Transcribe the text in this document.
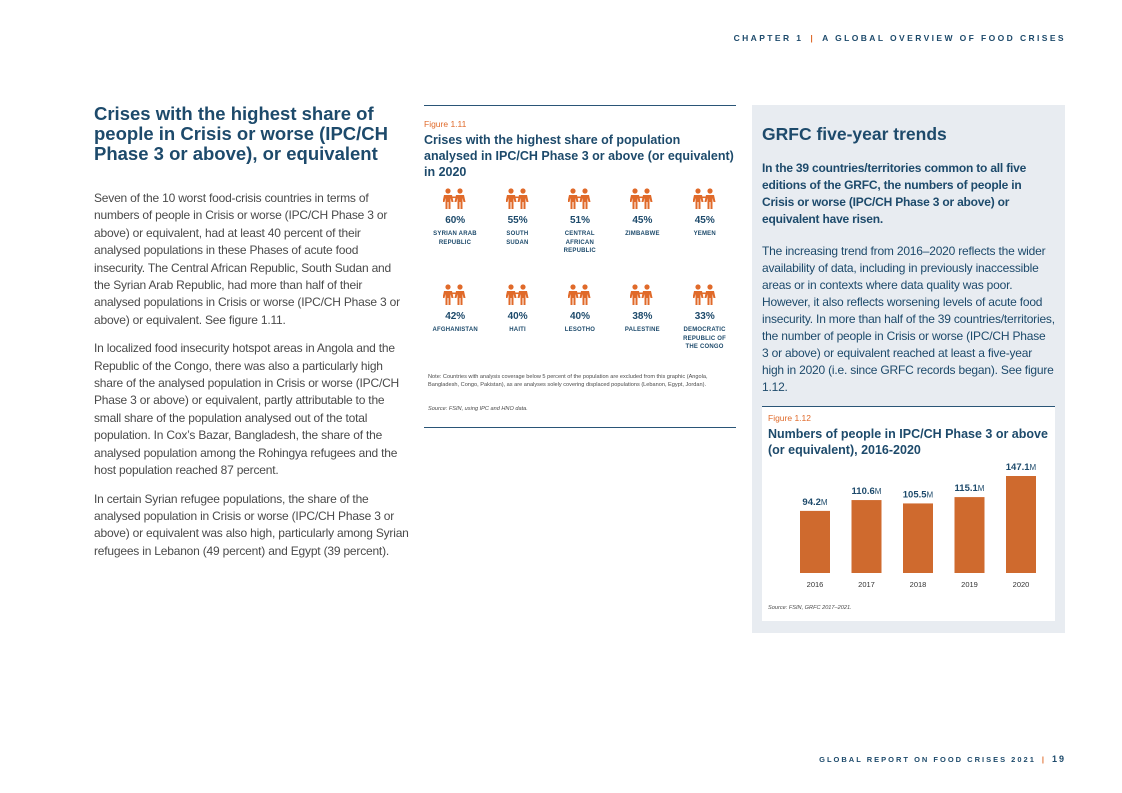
CHAPTER 1 | A GLOBAL OVERVIEW OF FOOD CRISES
Crises with the highest share of people in Crisis or worse (IPC/CH Phase 3 or above), or equivalent

Seven of the 10 worst food-crisis countries in terms of numbers of people in Crisis or worse (IPC/CH Phase 3 or above) or equivalent, had at least 40 percent of their analysed populations in these Phases of acute food insecurity. The Central African Republic, South Sudan and the Syrian Arab Republic, had more than half of their analysed populations in Crisis or worse (IPC/CH Phase 3 or above) or equivalent. See figure 1.11.

In localized food insecurity hotspot areas in Angola and the Republic of the Congo, there was also a particularly high share of the analysed population in Crisis or worse (IPC/CH Phase 3 or above) or equivalent, partly attributable to the small share of the population analysed out of the total population. In Cox’s Bazar, Bangladesh, the share of the analysed population among the Rohingya refugees and the host population reached 87 percent.

In certain Syrian refugee populations, the share of the analysed population in Crisis or worse (IPC/CH Phase 3 or above) or equivalent was also high, particularly among Syrian refugees in Lebanon (49 percent) and Egypt (39 percent).

Figure 1.11
Crises with the highest share of population analysed in IPC/CH Phase 3 or above (or equivalent) in 2020
60%
SYRIAN ARAB REPUBLIC
55%
SOUTH SUDAN
51%
CENTRAL AFRICAN REPUBLIC
45%
ZIMBABWE
45%
YEMEN
42%
AFGHANISTAN
40%
HAITI
40%
LESOTHO
38%
PALESTINE
33%
DEMOCRATIC REPUBLIC OF THE CONGO
Note: Countries with analysis coverage below 5 percent of the population are excluded from this graphic (Angola, Bangladesh, Congo, Pakistan), as are analyses solely covering displaced populations (Lebanon, Egypt, Jordan).
Source: FSIN, using IPC and HNO data.
GRFC five-year trends
In the 39 countries/territories common to all five editions of the GRFC, the numbers of people in Crisis or worse (IPC/CH Phase 3 or above) or equivalent have risen.
The increasing trend from 2016–2020 reflects the wider availability of data, including in previously inaccessible areas or in contexts where data quality was poor. However, it also reflects worsening levels of acute food insecurity. In more than half of the 39 countries/territories, the number of people in Crisis or worse (IPC/CH Phase 3 or above) or equivalent reached at least a five-year high in 2020 (i.e. since GRFC records began). See figure 1.12.
94.2M
2016
110.6M
2017
105.5M
2018
115.1M
2019
147.1M
2020
Figure 1.12
Numbers of people in IPC/CH Phase 3 or above (or equivalent), 2016-2020
Source: FSIN, GRFC 2017–2021.
GLOBAL REPORT ON FOOD CRISES 2021 | 19
